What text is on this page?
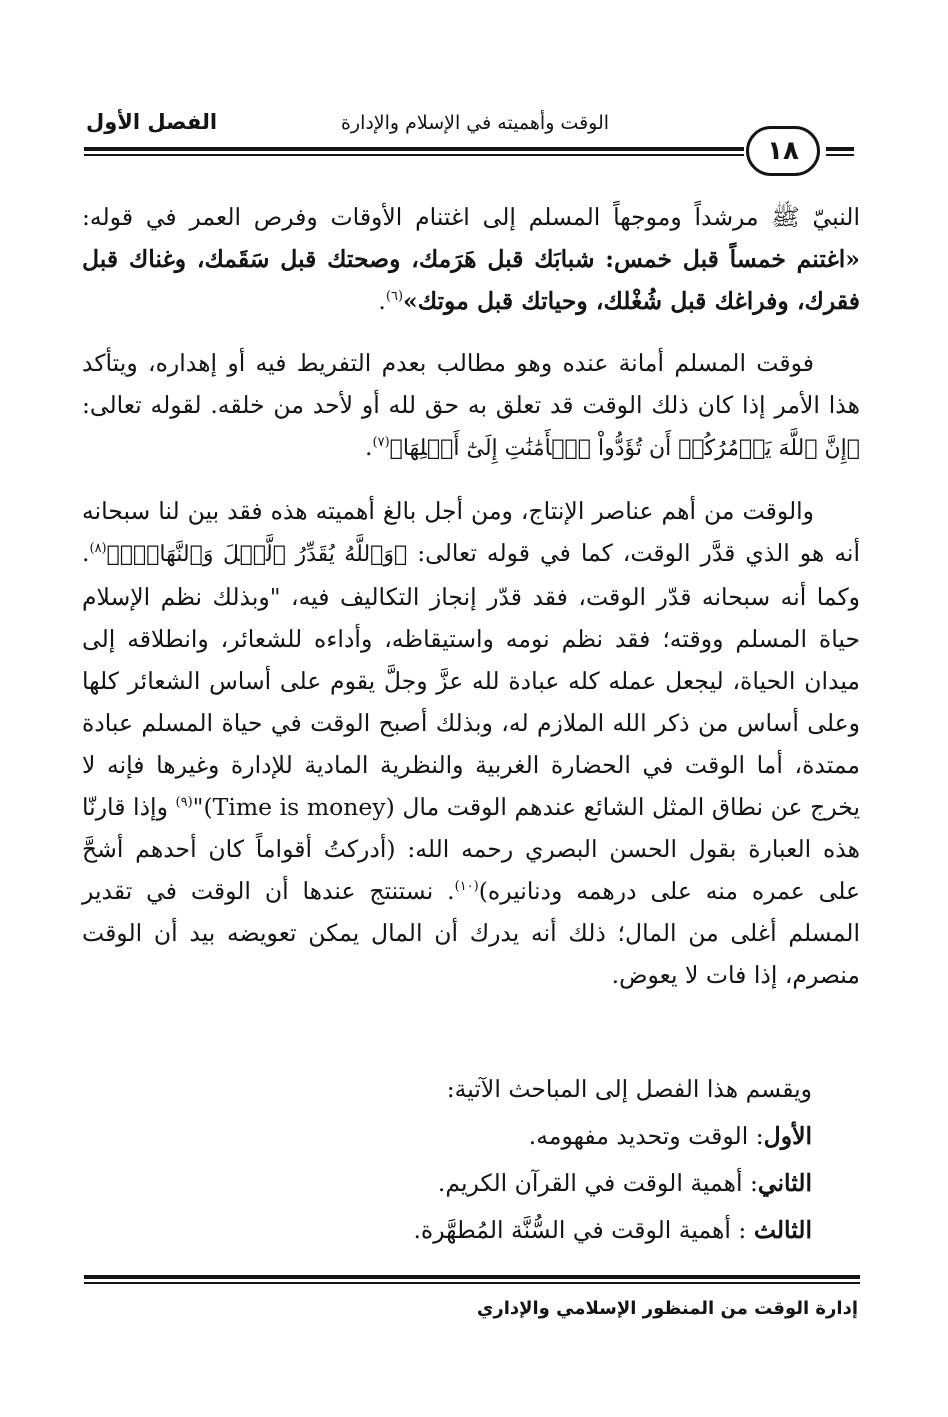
الفصل الأول	الوقت وأهميته في الإسلام والإدارة
١٨

النبيّ ﷺ مرشداً وموجهاً المسلم إلى اغتنام الأوقات وفرص العمر في قوله: «اغتنم خمساً قبل خمس: شبابَك قبل هَرَمك، وصحتك قبل سَقَمك، وغناك قبل فقرك، وفراغك قبل شُغْلك، وحياتك قبل موتك»$^{(٦)}$.

فوقت المسلم أمانة عنده وهو مطالب بعدم التفريط فيه أو إهداره، ويتأكد هذا الأمر إذا كان ذلك الوقت قد تعلق به حق لله أو لأحد من خلقه. لقوله تعالى: ﴿إِنَّ ٱللَّهَ يَأۡمُرُكُمۡ أَن تُؤَدُّواْ ٱلۡأَمَٰنَٰتِ إِلَىٰٓ أَهۡلِهَا﴾$^{(٧)}$.

والوقت من أهم عناصر الإنتاج، ومن أجل بالغ أهميته هذه فقد بين لنا سبحانه أنه هو الذي قدَّر الوقت، كما في قوله تعالى: ﴿وَٱللَّهُ يُقَدِّرُ ٱلَّيۡلَ وَٱلنَّهَارَۚ﴾$^{(٨)}$. وكما أنه سبحانه قدّر الوقت، فقد قدّر إنجاز التكاليف فيه، "وبذلك نظم الإسلام حياة المسلم ووقته؛ فقد نظم نومه واستيقاظه، وأداءه للشعائر، وانطلاقه إلى ميدان الحياة، ليجعل عمله كله عبادة لله عزَّ وجلَّ يقوم على أساس الشعائر كلها وعلى أساس من ذكر الله الملازم له، وبذلك أصبح الوقت في حياة المسلم عبادة ممتدة، أما الوقت في الحضارة الغربية والنظرية المادية للإدارة وغيرها فإنه لا يخرج عن نطاق المثل الشائع عندهم الوقت مال (Time is money)"$^{(٩)}$ وإذا قارنّا هذه العبارة بقول الحسن البصري رحمه الله: (أدركتُ أقواماً كان أحدهم أشحَّ على عمره منه على درهمه ودنانيره)$^{(١٠)}$. نستنتج عندها أن الوقت في تقدير المسلم أغلى من المال؛ ذلك أنه يدرك أن المال يمكن تعويضه بيد أن الوقت منصرم، إذا فات لا يعوض.

ويقسم هذا الفصل إلى المباحث الآتية:
الأول: الوقت وتحديد مفهومه.
الثاني: أهمية الوقت في القرآن الكريم.
الثالث : أهمية الوقت في السُّنَّة المُطهَّرة.
إدارة الوقت من المنظور الإسلامي والإداري
